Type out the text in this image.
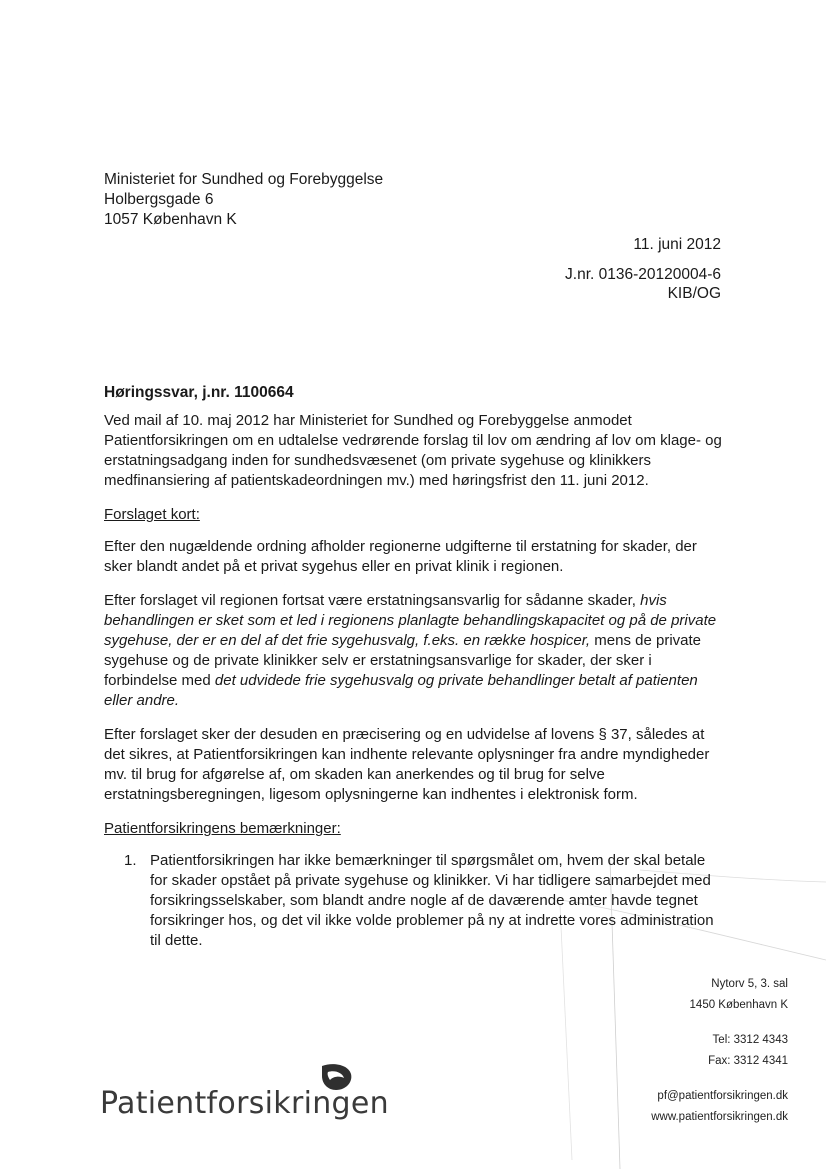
Ministeriet for Sundhed og Forebyggelse
Holbergsgade 6
1057 København K
11. juni 2012
J.nr. 0136-20120004-6
KIB/OG
Høringssvar, j.nr. 1100664

Ved mail af 10. maj 2012 har Ministeriet for Sundhed og Forebyggelse anmodet Patientforsikringen om en udtalelse vedrørende forslag til lov om ændring af lov om klage- og erstatningsadgang inden for sundhedsvæsenet (om private sygehuse og klinikkers medfinansiering af patientskadeordningen mv.) med høringsfrist den 11. juni 2012.

Forslaget kort:

Efter den nugældende ordning afholder regionerne udgifterne til erstatning for skader, der sker blandt andet på et privat sygehus eller en privat klinik i regionen.

Efter forslaget vil regionen fortsat være erstatningsansvarlig for sådanne skader, hvis behandlingen er sket som et led i regionens planlagte behandlingskapacitet og på de private sygehuse, der er en del af det frie sygehusvalg, f.eks. en række hospicer, mens de private sygehuse og de private klinikker selv er erstatningsansvarlige for skader, der sker i forbindelse med det udvidede frie sygehusvalg og private behandlinger betalt af patienten eller andre.

Efter forslaget sker der desuden en præcisering og en udvidelse af lovens § 37, således at det sikres, at Patientforsikringen kan indhente relevante oplysninger fra andre myndigheder mv. til brug for afgørelse af, om skaden kan anerkendes og til brug for selve erstatningsberegningen, ligesom oplysningerne kan indhentes i elektronisk form.

Patientforsikringens bemærkninger:

1. Patientforsikringen har ikke bemærkninger til spørgsmålet om, hvem der skal betale for skader opstået på private sygehuse og klinikker. Vi har tidligere samarbejdet med forsikringsselskaber, som blandt andre nogle af de daværende amter havde tegnet forsikringer hos, og det vil ikke volde problemer på ny at indrette vores administration til dette.
Nytorv 5, 3. sal
1450 København K
Tel: 3312 4343
Fax: 3312 4341
pf@patientforsikringen.dk
www.patientforsikringen.dk
Patientforsikringen
